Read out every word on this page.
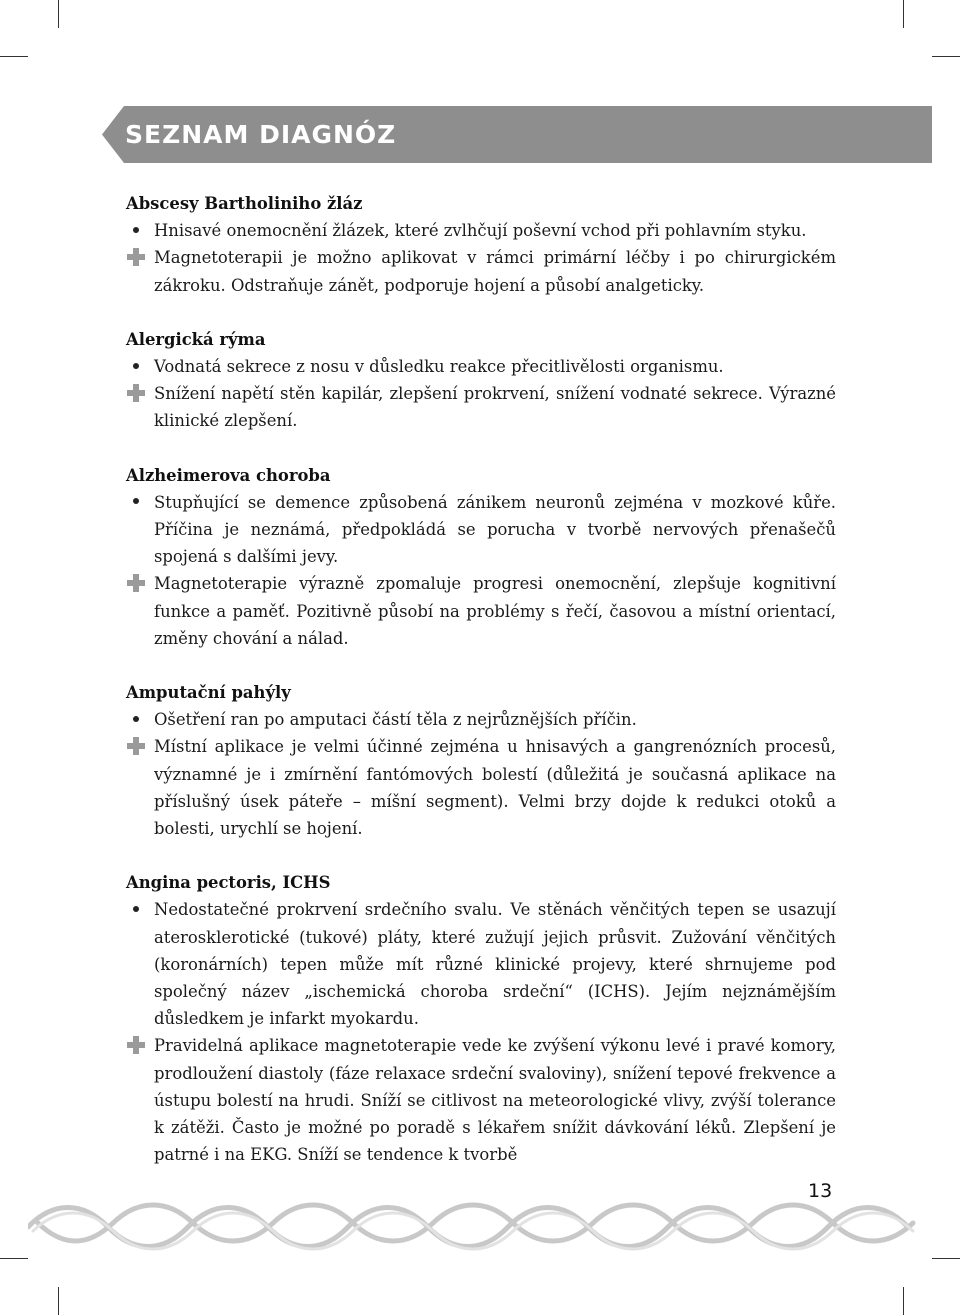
SEZNAM DIAGNÓZ
Abscesy Bartholiniho žláz

Hnisavé onemocnění žlázek, které zvlhčují poševní vchod při pohlavním styku.

Magnetoterapii je možno aplikovat v rámci primární léčby i po chirurgickém zákroku. Odstraňuje zánět, podporuje hojení a působí analgeticky.

Alergická rýma

Vodnatá sekrece z nosu v důsledku reakce přecitlivělosti organismu.

Snížení napětí stěn kapilár, zlepšení prokrvení, snížení vodnaté sekrece. Výrazné klinické zlepšení.

Alzheimerova choroba

Stupňující se demence způsobená zánikem neuronů zejména v mozkové kůře. Příčina je neznámá, předpokládá se porucha v tvorbě nervových přenašečů spojená s dalšími jevy.

Magnetoterapie výrazně zpomaluje progresi onemocnění, zlepšuje kognitivní funkce a paměť. Pozitivně působí na problémy s řečí, časovou a místní orientací, změny chování a nálad.

Amputační pahýly

Ošetření ran po amputaci částí těla z nejrůznějších příčin.

Místní aplikace je velmi účinné zejména u hnisavých a gangrenózních procesů, významné je i zmírnění fantómových bolestí (důležitá je současná aplikace na příslušný úsek páteře – míšní segment). Velmi brzy dojde k redukci otoků a bolesti, urychlí se hojení.

Angina pectoris, ICHS

Nedostatečné prokrvení srdečního svalu. Ve stěnách věnčitých tepen se usazují aterosklerotické (tukové) pláty, které zužují jejich průsvit. Zužování věnčitých (koronárních) tepen může mít různé klinické projevy, které shrnujeme pod společný název „ischemická choroba srdeční“ (ICHS). Jejím nejznámějším důsledkem je infarkt myokardu.

Pravidelná aplikace magnetoterapie vede ke zvýšení výkonu levé i pravé komory, prodloužení diastoly (fáze relaxace srdeční svaloviny), snížení tepové frekvence a ústupu bolestí na hrudi. Sníží se citlivost na meteorologické vlivy, zvýší tolerance k zátěži. Často je možné po poradě s lékařem snížit dávkování léků. Zlepšení je patrné i na EKG. Sníží se tendence k tvorbě

13
